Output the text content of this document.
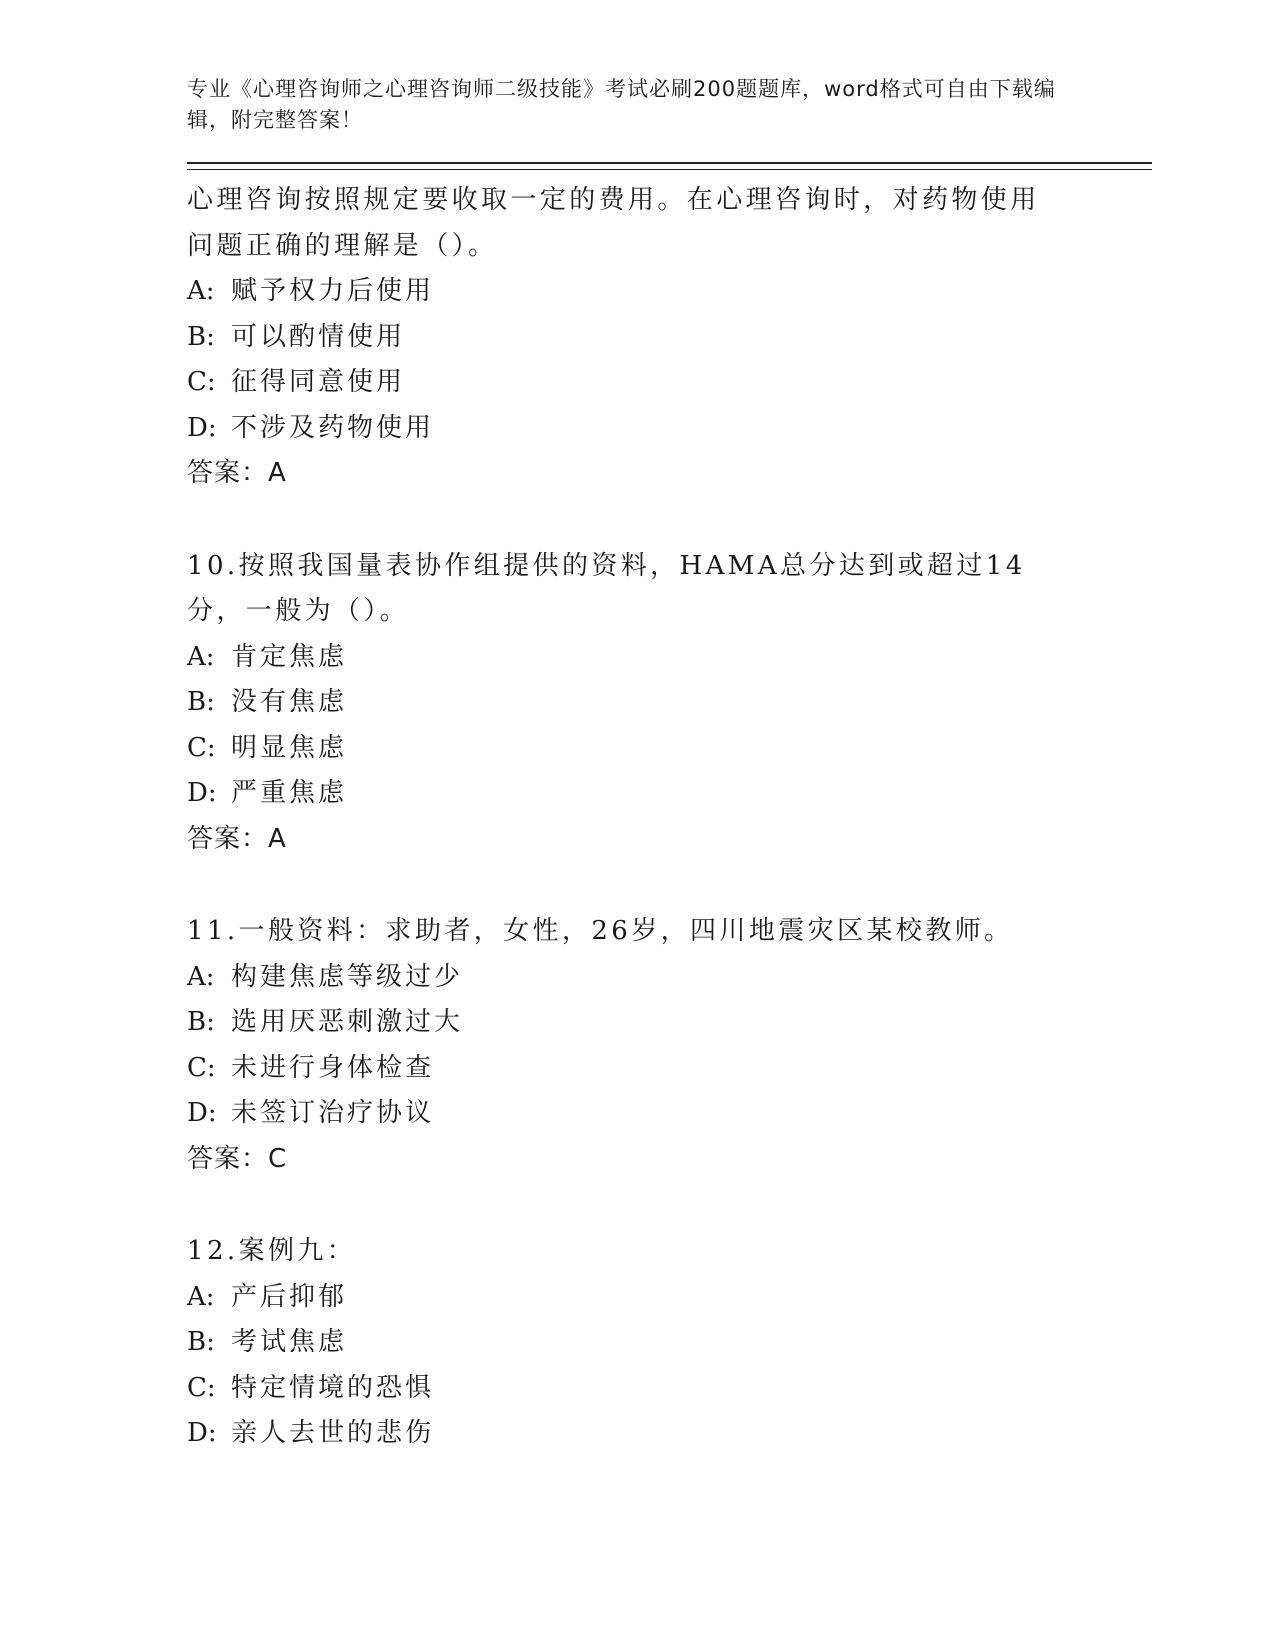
专业《心理咨询师之心理咨询师二级技能》考试必刷200题题库，word格式可自由下载编辑，附完整答案！
心理咨询按照规定要收取一定的费用。在心理咨询时，对药物使用问题正确的理解是（）。
A: 赋予权力后使用
B: 可以酌情使用
C: 征得同意使用
D: 不涉及药物使用
答案：A
10.按照我国量表协作组提供的资料，HAMA总分达到或超过14分，一般为（）。
A: 肯定焦虑
B: 没有焦虑
C: 明显焦虑
D: 严重焦虑
答案：A
11.一般资料：求助者，女性，26岁，四川地震灾区某校教师。
A: 构建焦虑等级过少
B: 选用厌恶刺激过大
C: 未进行身体检查
D: 未签订治疗协议
答案：C
12.案例九：
A: 产后抑郁
B: 考试焦虑
C: 特定情境的恐惧
D: 亲人去世的悲伤
